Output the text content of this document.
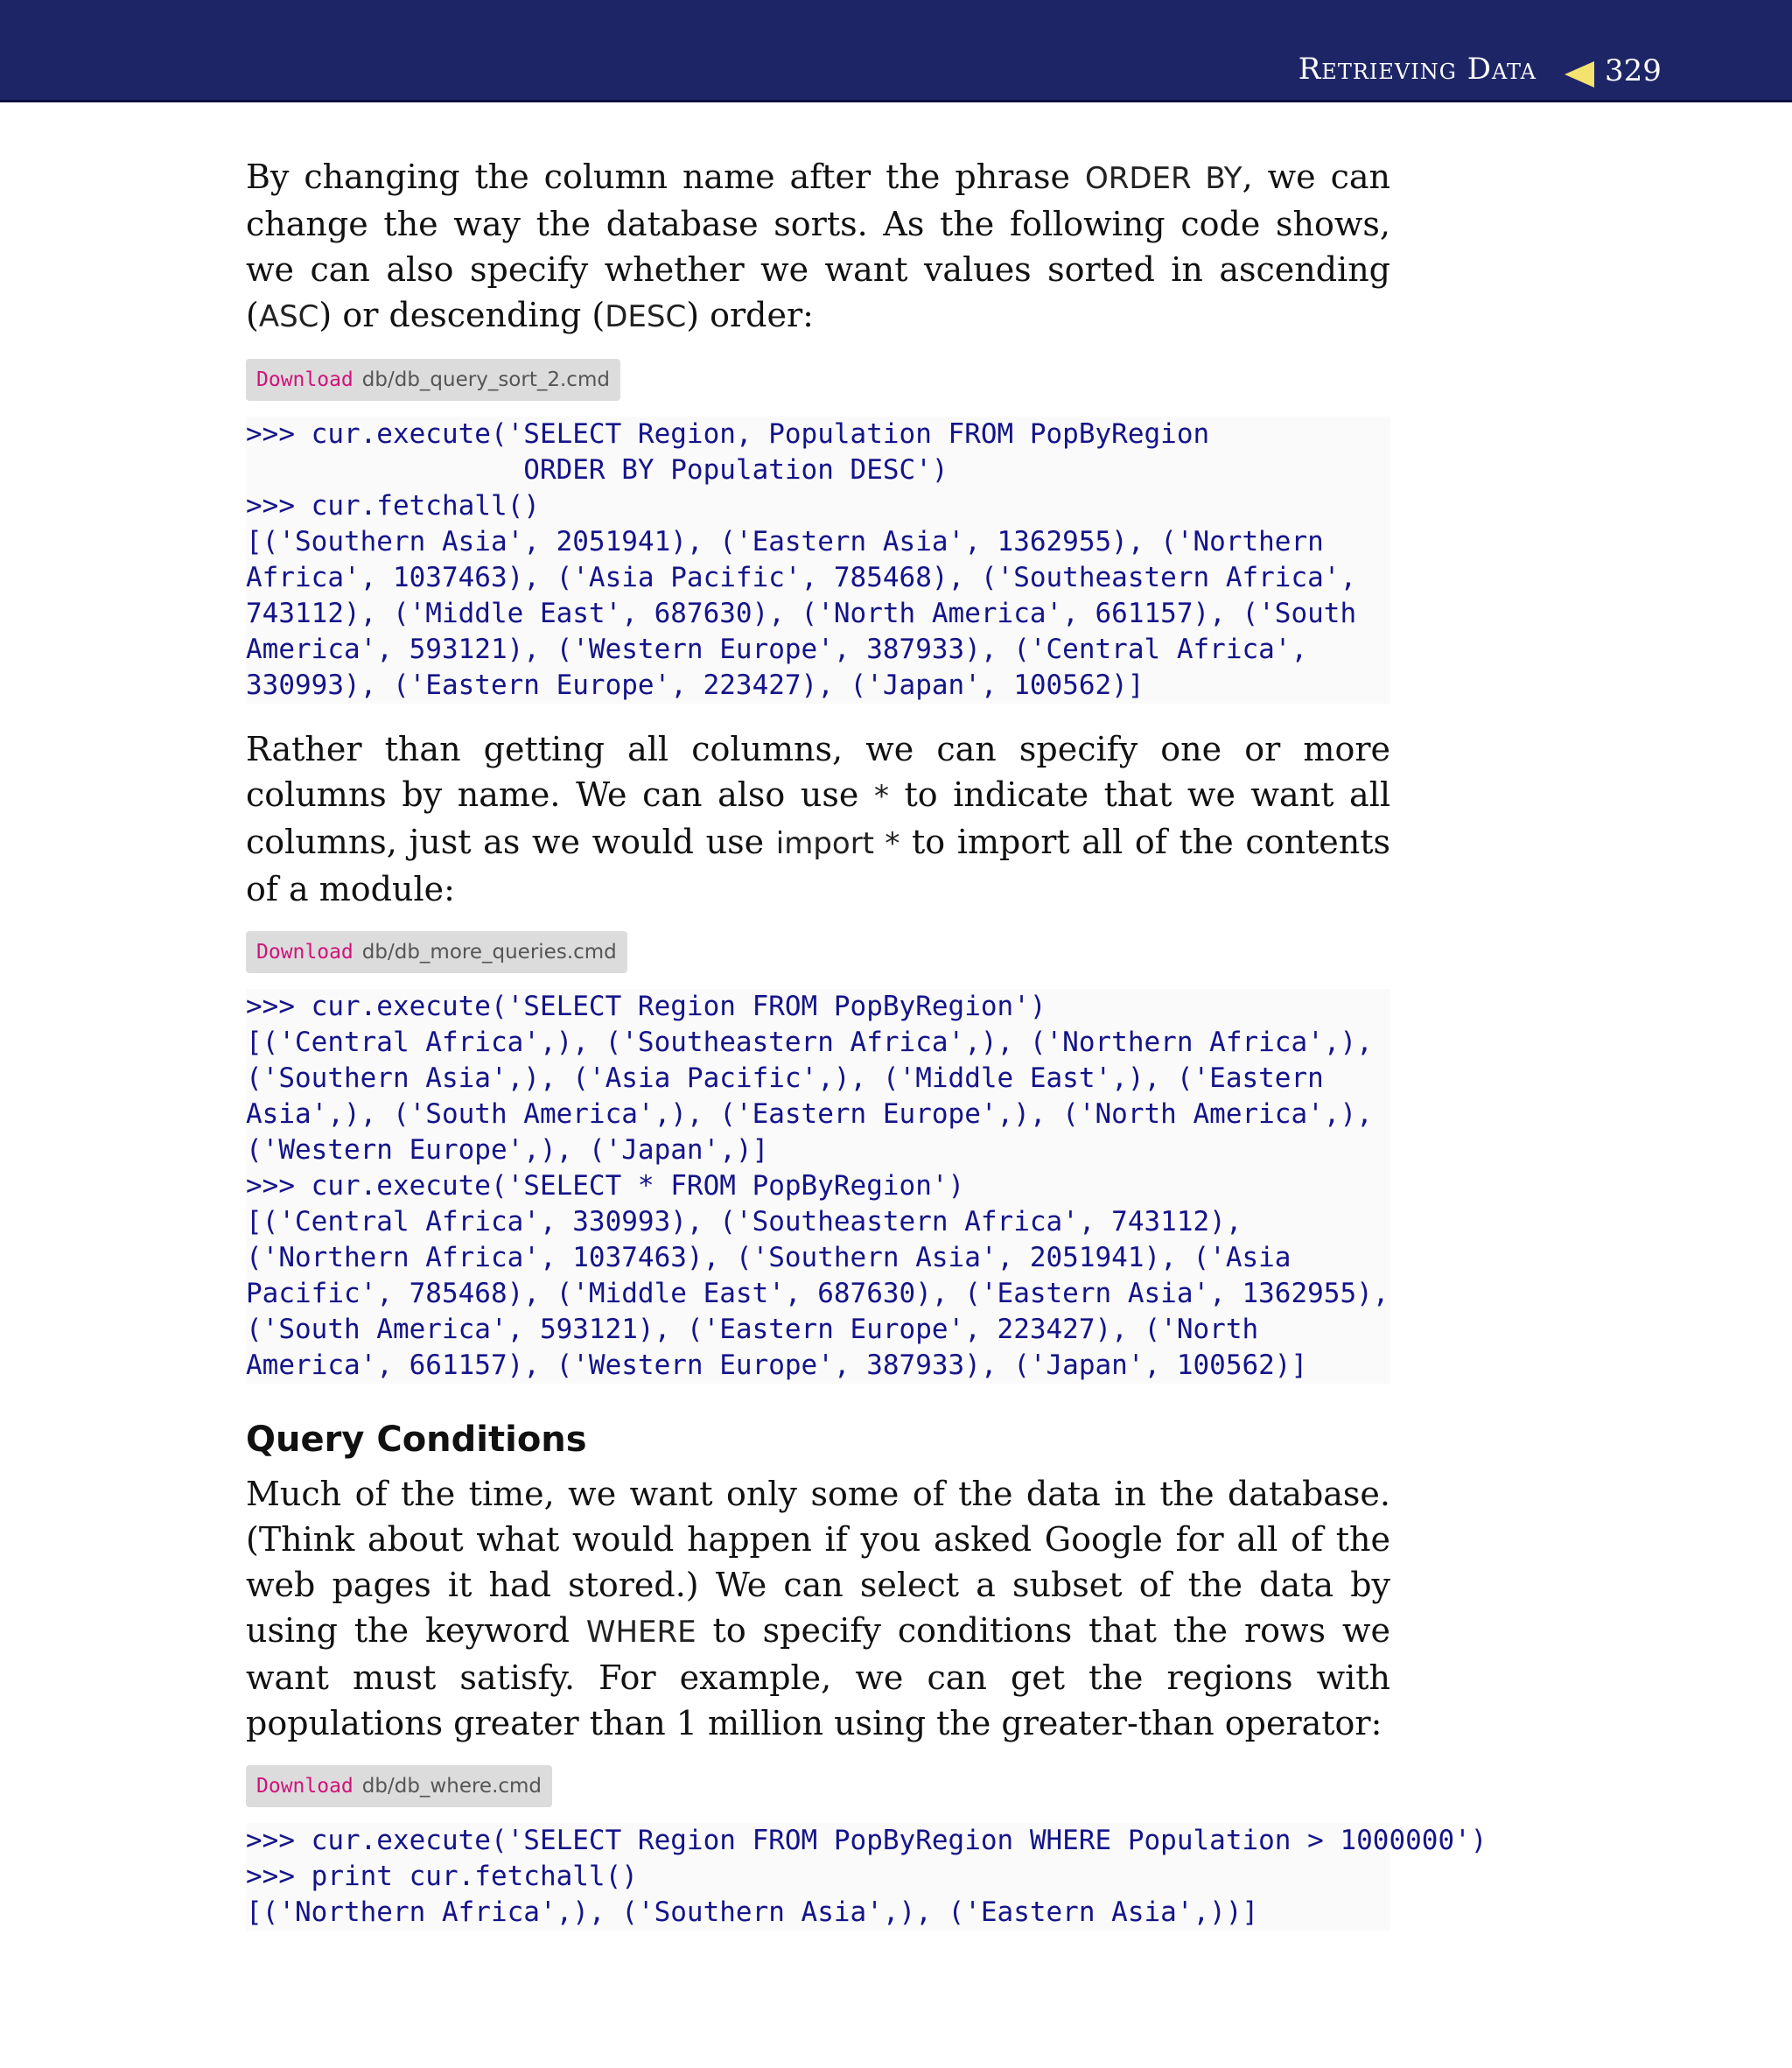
Retrieving Data 329

By changing the column name after the phrase ORDER BY, we can change the way the database sorts. As the following code shows, we can also specify whether we want values sorted in ascending (ASC) or descending (DESC) order:

Download db/db_query_sort_2.cmd
>>> cur.execute('SELECT Region, Population FROM PopByRegion
ORDER BY Population DESC')
>>> cur.fetchall()
[('Southern Asia', 2051941), ('Eastern Asia', 1362955), ('Northern
Africa', 1037463), ('Asia Pacific', 785468), ('Southeastern Africa',
743112), ('Middle East', 687630), ('North America', 661157), ('South
America', 593121), ('Western Europe', 387933), ('Central Africa',
330993), ('Eastern Europe', 223427), ('Japan', 100562)]

Rather than getting all columns, we can specify one or more columns by name. We can also use * to indicate that we want all columns, just as we would use import * to import all of the contents of a module:

Download db/db_more_queries.cmd
>>> cur.execute('SELECT Region FROM PopByRegion')
[('Central Africa',), ('Southeastern Africa',), ('Northern Africa',),
('Southern Asia',), ('Asia Pacific',), ('Middle East',), ('Eastern
Asia',), ('South America',), ('Eastern Europe',), ('North America',),
('Western Europe',), ('Japan',)]
>>> cur.execute('SELECT * FROM PopByRegion')
[('Central Africa', 330993), ('Southeastern Africa', 743112),
('Northern Africa', 1037463), ('Southern Asia', 2051941), ('Asia
Pacific', 785468), ('Middle East', 687630), ('Eastern Asia', 1362955),
('South America', 593121), ('Eastern Europe', 223427), ('North
America', 661157), ('Western Europe', 387933), ('Japan', 100562)]
Query Conditions

Much of the time, we want only some of the data in the database. (Think about what would happen if you asked Google for all of the web pages it had stored.) We can select a subset of the data by using the keyword WHERE to specify conditions that the rows we want must satisfy. For example, we can get the regions with populations greater than 1 million using the greater-than operator:

Download db/db_where.cmd
>>> cur.execute('SELECT Region FROM PopByRegion WHERE Population > 1000000')
>>> print cur.fetchall()
[('Northern Africa',), ('Southern Asia',), ('Eastern Asia',))]
